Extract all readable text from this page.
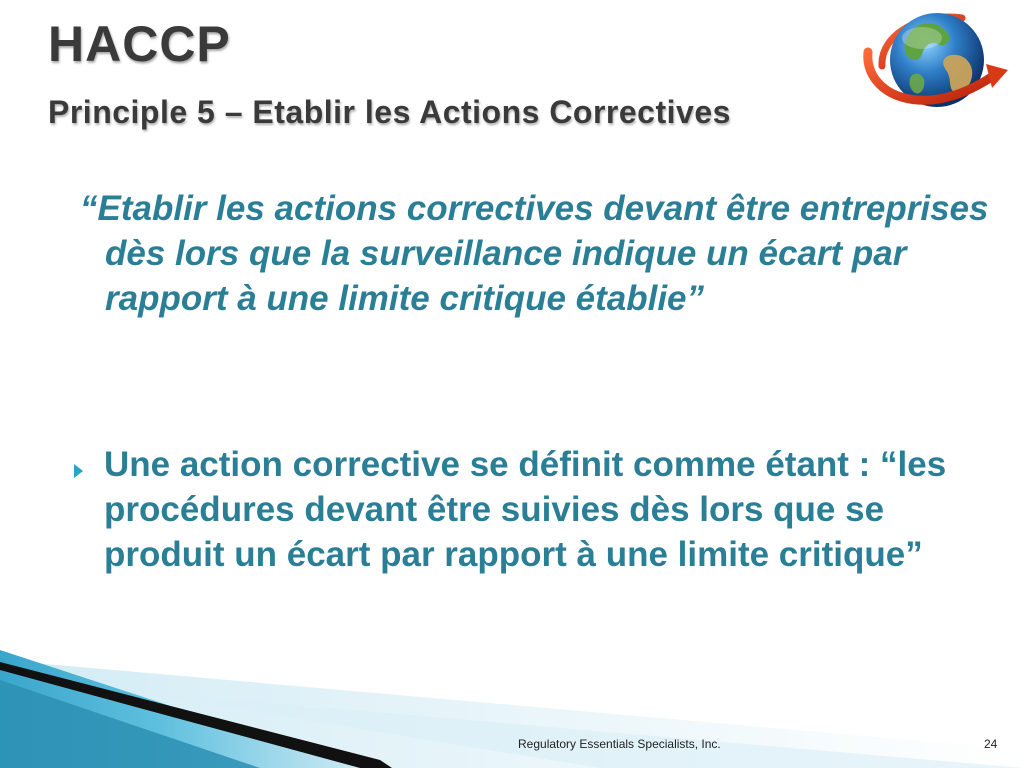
HACCP
Principle 5 – Etablir les Actions Correctives

“Etablir les actions correctives devant être entreprises dès lors que la surveillance indique un écart par rapport à une limite critique établie”

Une action corrective se définit comme étant : “les procédures devant être suivies dès lors que se produit un écart par rapport à une limite critique”

Regulatory Essentials Specialists, Inc.	24
